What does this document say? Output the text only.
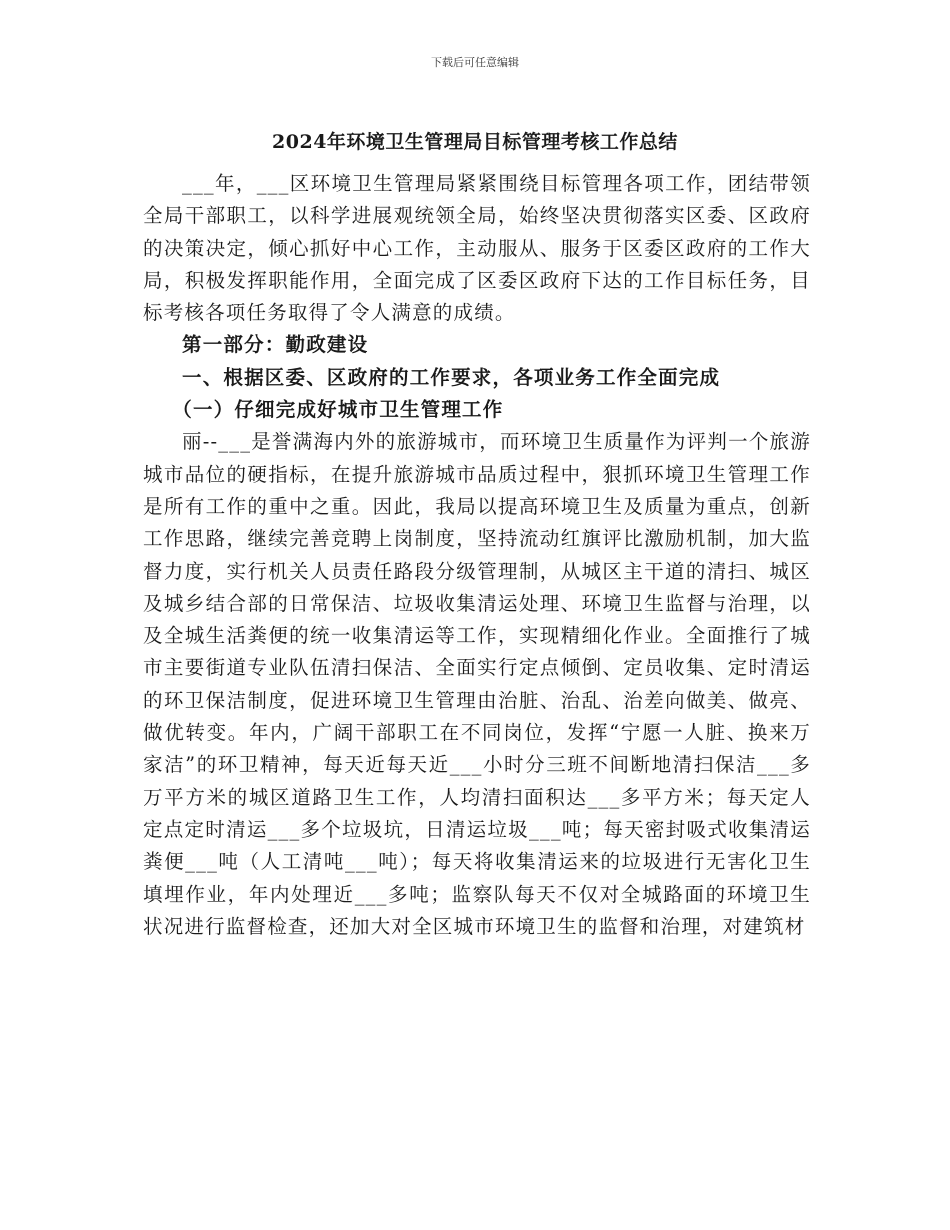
下载后可任意编辑
2024年环境卫生管理局目标管理考核工作总结

___年，___区环境卫生管理局紧紧围绕目标管理各项工作，团结带领全局干部职工，以科学进展观统领全局，始终坚决贯彻落实区委、区政府的决策决定，倾心抓好中心工作，主动服从、服务于区委区政府的工作大局，积极发挥职能作用，全面完成了区委区政府下达的工作目标任务，目标考核各项任务取得了令人满意的成绩。

第一部分：勤政建设

一、根据区委、区政府的工作要求，各项业务工作全面完成

（一）仔细完成好城市卫生管理工作

丽--___是誉满海内外的旅游城市，而环境卫生质量作为评判一个旅游城市品位的硬指标，在提升旅游城市品质过程中，狠抓环境卫生管理工作是所有工作的重中之重。因此，我局以提高环境卫生及质量为重点，创新工作思路，继续完善竞聘上岗制度，坚持流动红旗评比激励机制，加大监督力度，实行机关人员责任路段分级管理制，从城区主干道的清扫、城区及城乡结合部的日常保洁、垃圾收集清运处理、环境卫生监督与治理，以及全城生活粪便的统一收集清运等工作，实现精细化作业。全面推行了城市主要街道专业队伍清扫保洁、全面实行定点倾倒、定员收集、定时清运的环卫保洁制度，促进环境卫生管理由治脏、治乱、治差向做美、做亮、做优转变。年内，广阔干部职工在不同岗位，发挥“宁愿一人脏、换来万家洁”的环卫精神，每天近每天近___小时分三班不间断地清扫保洁___多万平方米的城区道路卫生工作，人均清扫面积达___多平方米；每天定人定点定时清运___多个垃圾坑，日清运垃圾___吨；每天密封吸式收集清运粪便___吨（人工清吨___吨）；每天将收集清运来的垃圾进行无害化卫生填埋作业，年内处理近___多吨；监察队每天不仅对全城路面的环境卫生状况进行监督检查，还加大对全区城市环境卫生的监督和治理，对建筑材
